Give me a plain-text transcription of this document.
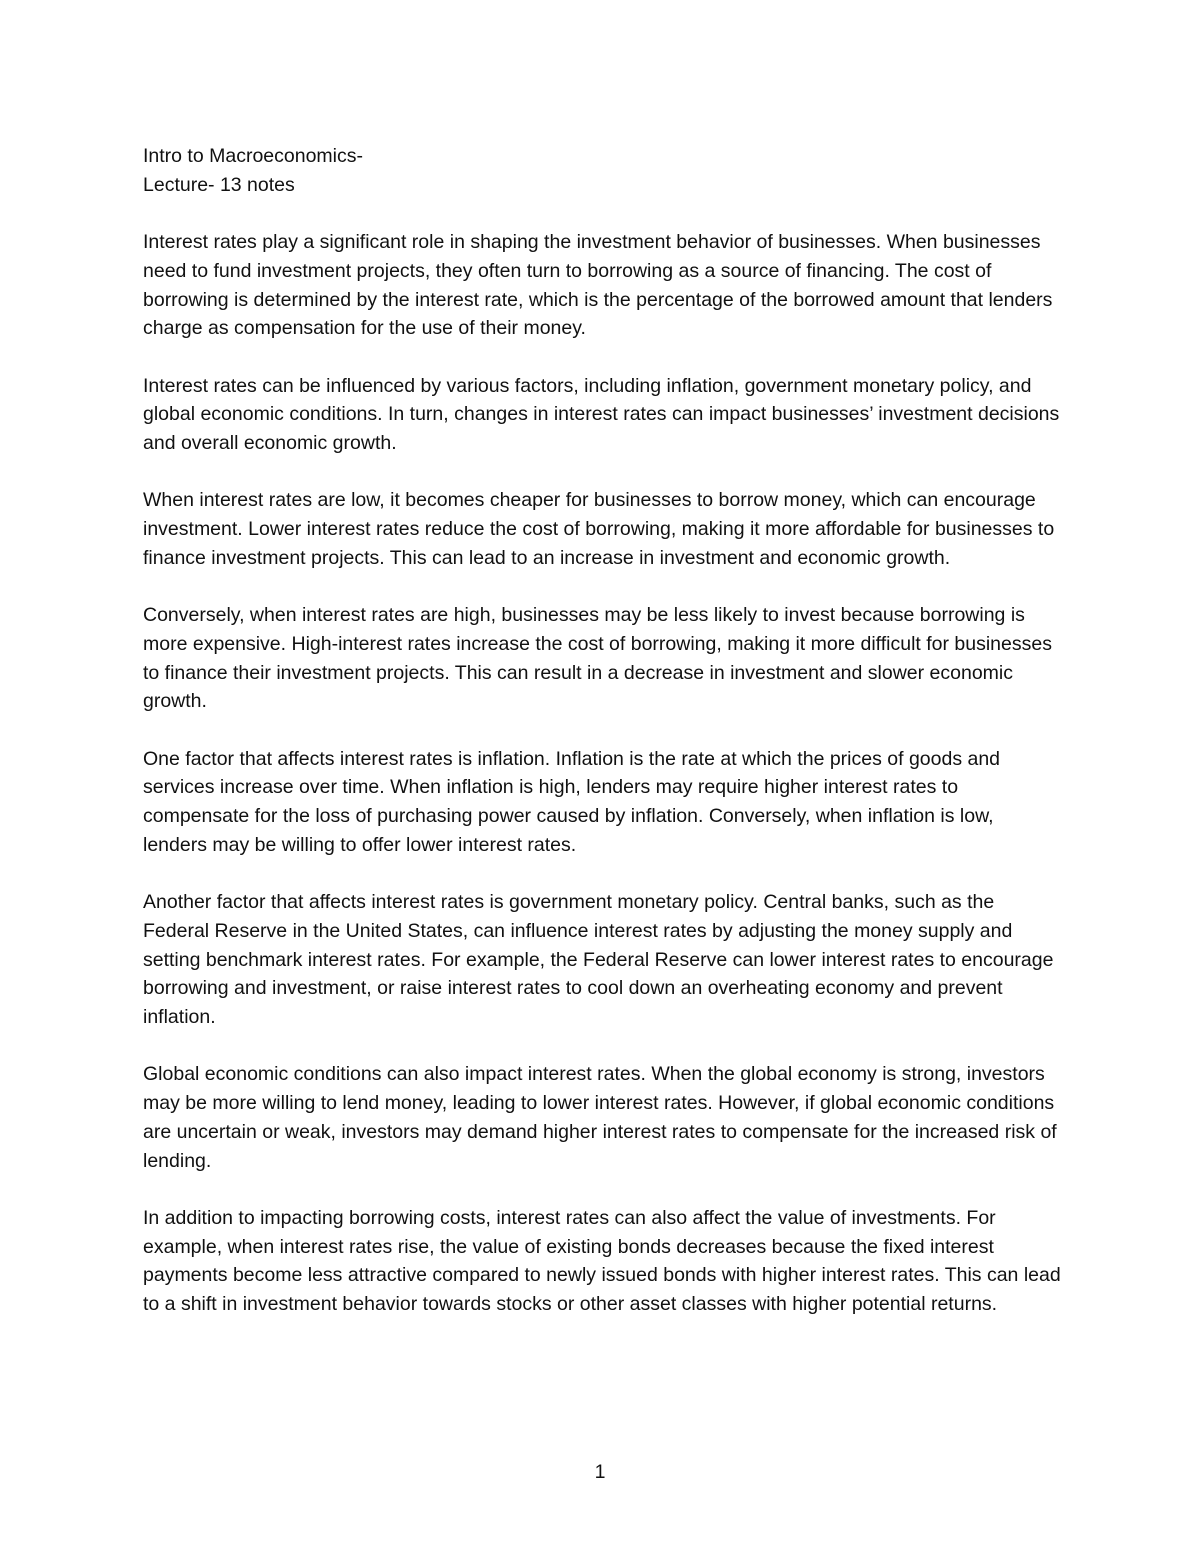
Intro to Macroeconomics-

Lecture- 13 notes

Interest rates play a significant role in shaping the investment behavior of businesses. When businesses need to fund investment projects, they often turn to borrowing as a source of financing. The cost of borrowing is determined by the interest rate, which is the percentage of the borrowed amount that lenders charge as compensation for the use of their money.

Interest rates can be influenced by various factors, including inflation, government monetary policy, and global economic conditions. In turn, changes in interest rates can impact businesses’ investment decisions and overall economic growth.

When interest rates are low, it becomes cheaper for businesses to borrow money, which can encourage investment. Lower interest rates reduce the cost of borrowing, making it more affordable for businesses to finance investment projects. This can lead to an increase in investment and economic growth.

Conversely, when interest rates are high, businesses may be less likely to invest because borrowing is more expensive. High-interest rates increase the cost of borrowing, making it more difficult for businesses to finance their investment projects. This can result in a decrease in investment and slower economic growth.

One factor that affects interest rates is inflation. Inflation is the rate at which the prices of goods and services increase over time. When inflation is high, lenders may require higher interest rates to compensate for the loss of purchasing power caused by inflation. Conversely, when inflation is low, lenders may be willing to offer lower interest rates.

Another factor that affects interest rates is government monetary policy. Central banks, such as the Federal Reserve in the United States, can influence interest rates by adjusting the money supply and setting benchmark interest rates. For example, the Federal Reserve can lower interest rates to encourage borrowing and investment, or raise interest rates to cool down an overheating economy and prevent inflation.

Global economic conditions can also impact interest rates. When the global economy is strong, investors may be more willing to lend money, leading to lower interest rates. However, if global economic conditions are uncertain or weak, investors may demand higher interest rates to compensate for the increased risk of lending.

In addition to impacting borrowing costs, interest rates can also affect the value of investments. For example, when interest rates rise, the value of existing bonds decreases because the fixed interest payments become less attractive compared to newly issued bonds with higher interest rates. This can lead to a shift in investment behavior towards stocks or other asset classes with higher potential returns.

1
